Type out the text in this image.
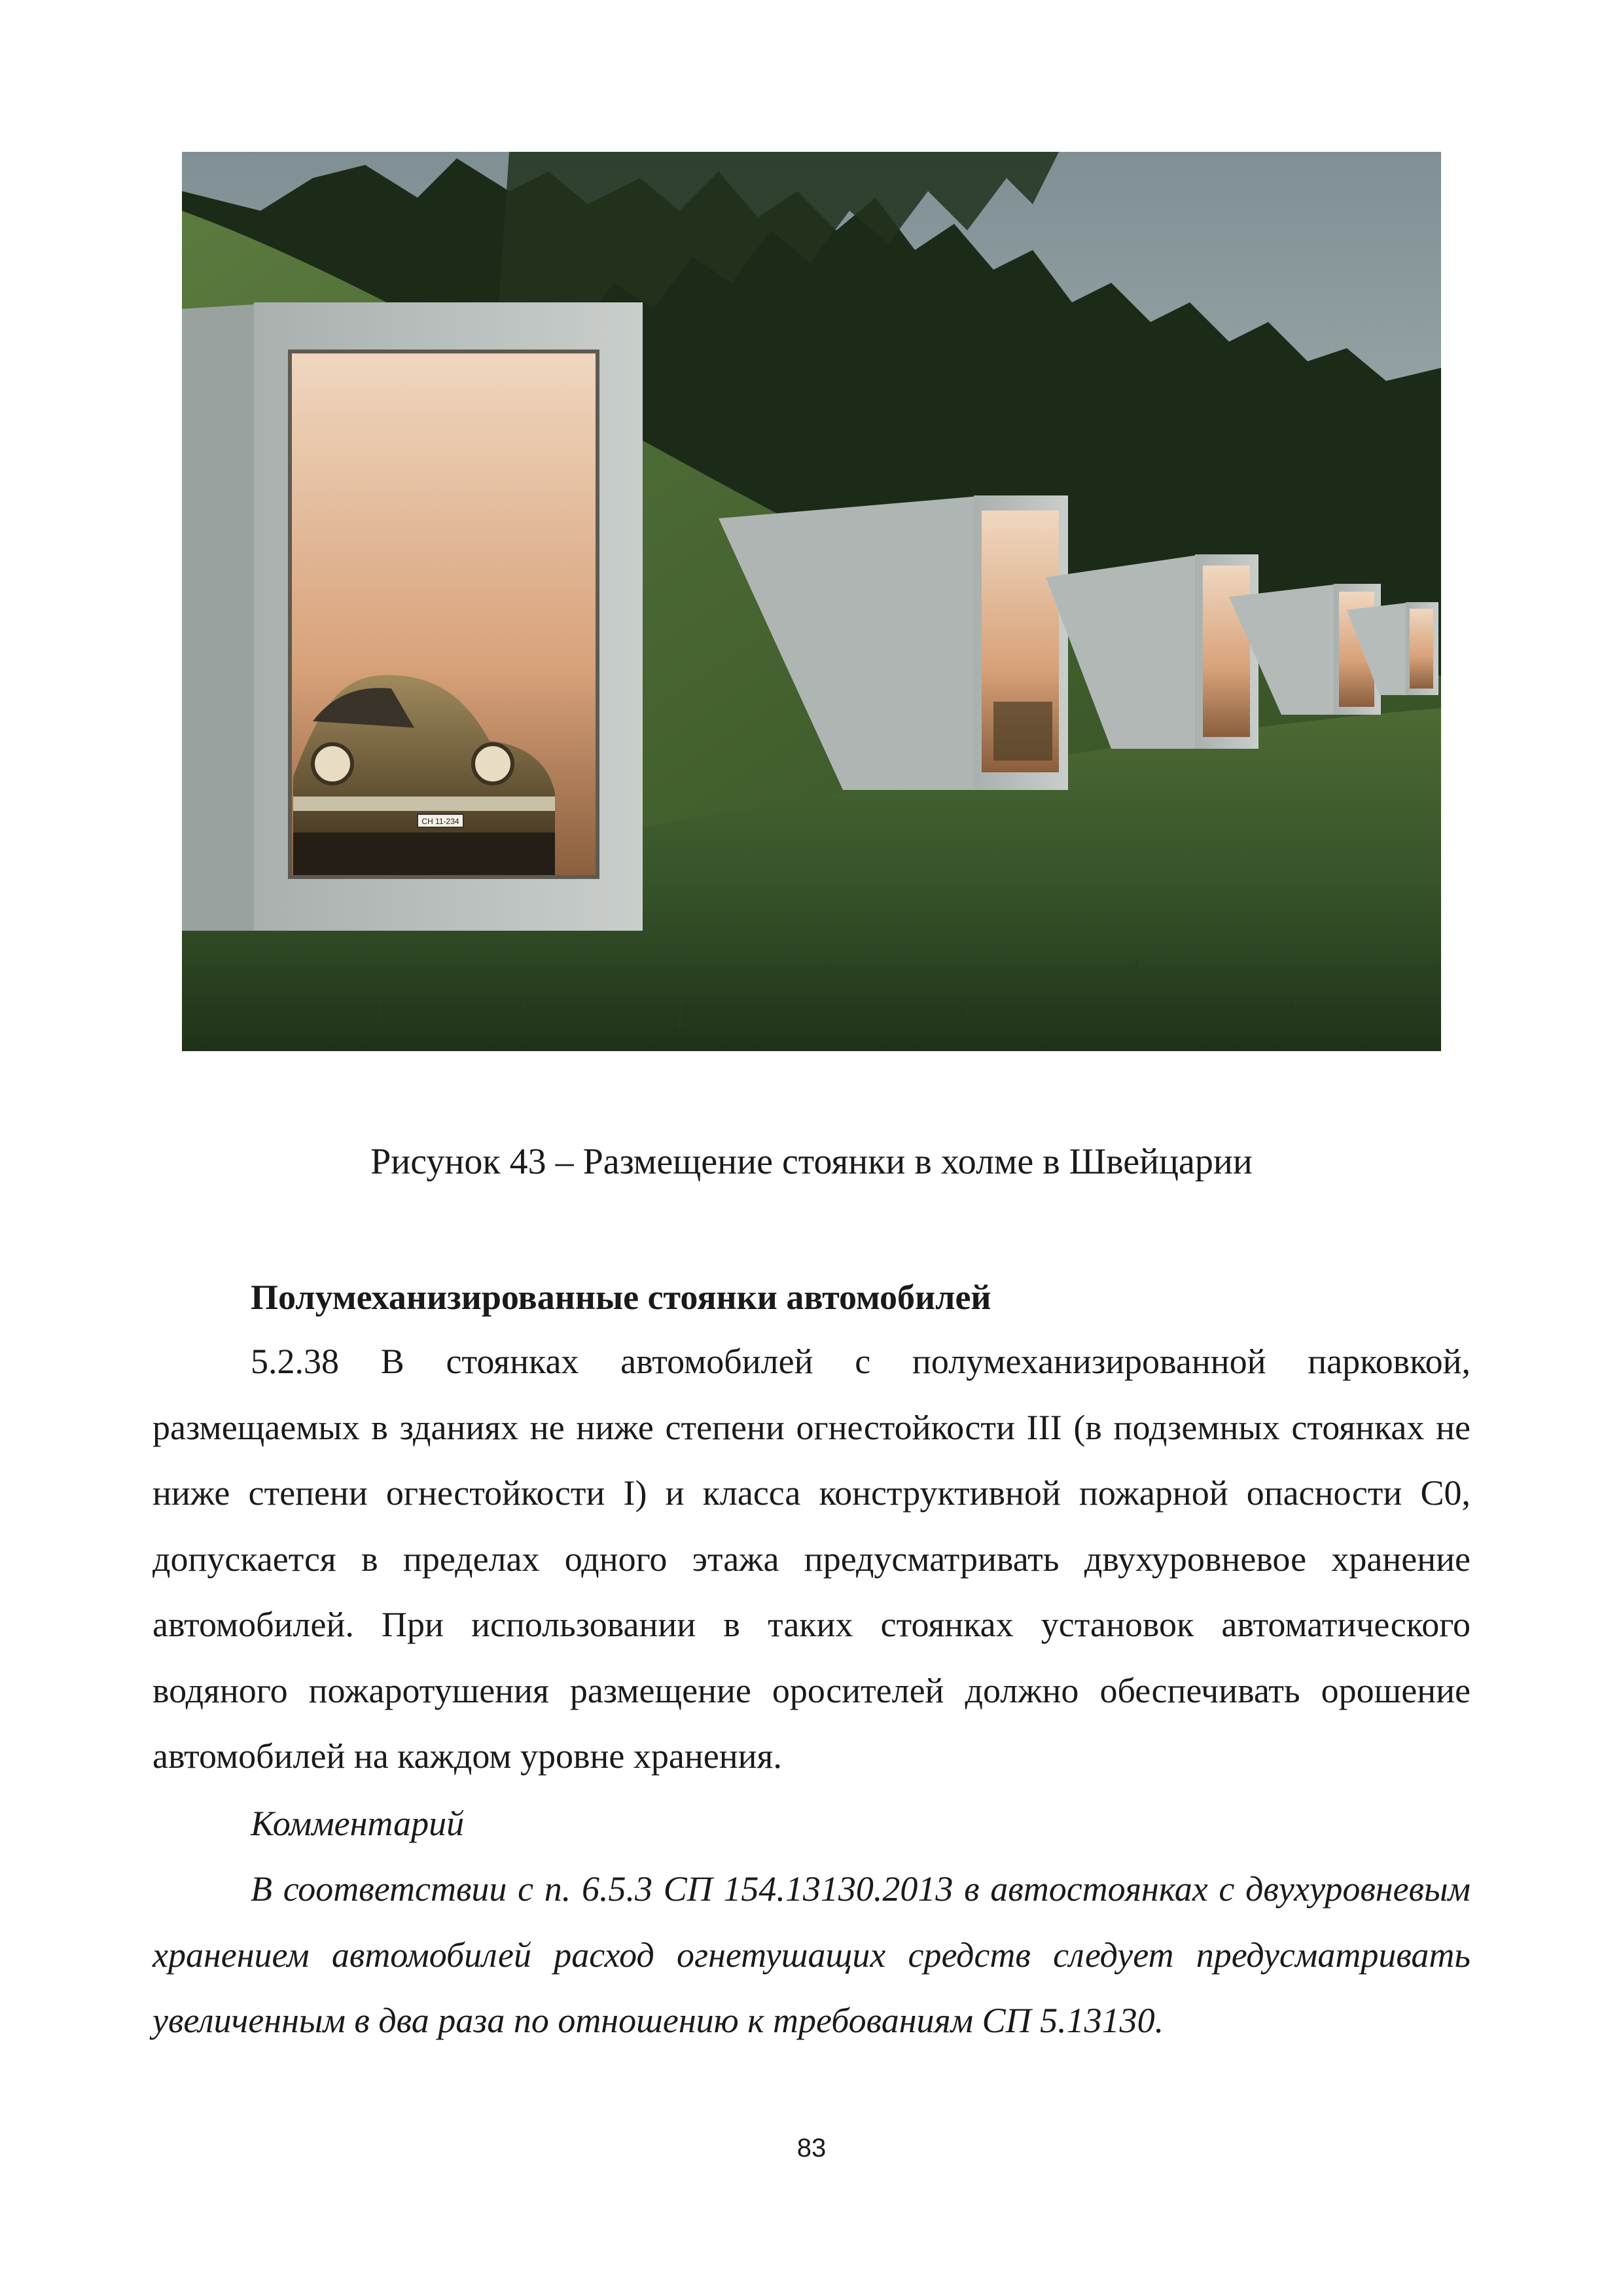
CH 11-234
Рисунок 43 – Размещение стоянки в холме в Швейцарии
Полумеханизированные стоянки автомобилей

5.2.38 В стоянках автомобилей с полумеханизированной парковкой, размещаемых в зданиях не ниже степени огнестойкости III (в подземных стоянках не ниже степени огнестойкости I) и класса конструктивной пожарной опасности С0, допускается в пределах одного этажа предусматривать двухуровневое хранение автомобилей. При использовании в таких стоянках установок автоматического водяного пожаротушения размещение оросителей должно обеспечивать орошение автомобилей на каждом уровне хранения.

Комментарий

В соответствии с п. 6.5.3 СП 154.13130.2013 в автостоянках с двухуровневым хранением автомобилей расход огнетушащих средств следует предусматривать увеличенным в два раза по отношению к требованиям СП 5.13130.

83
